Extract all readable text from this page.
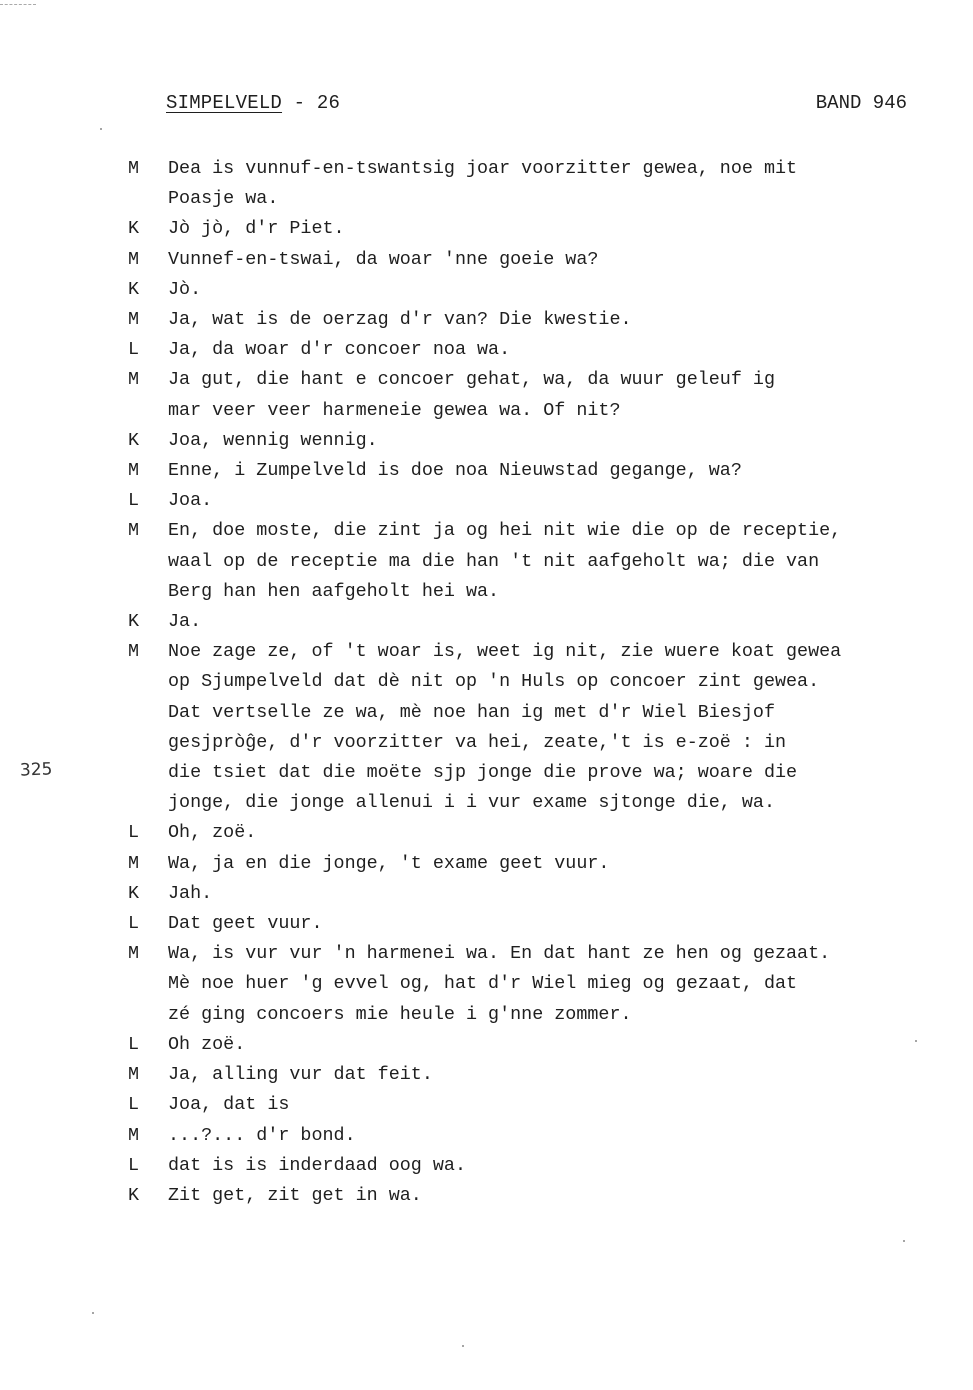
SIMPELVELD - 26	BAND 946
325
M	Dea is vunnuf-en-tswantsig joar voorzitter gewea, noe mit
Poasje wa.
K	Jò jò, d'r Piet.
M	Vunnef-en-tswai, da woar 'nne goeie wa?
K	Jò.
M	Ja, wat is de oerzag d'r van? Die kwestie.
L	Ja, da woar d'r concoer noa wa.
M	Ja gut, die hant e concoer gehat, wa, da wuur geleuf ig
mar veer veer harmeneie gewea wa. Of nit?
K	Joa, wennig wennig.
M	Enne, i Zumpelveld is doe noa Nieuwstad gegange, wa?
L	Joa.
M	En, doe moste, die zint ja og hei nit wie die op de receptie,
waal op de receptie ma die han 't nit aafgeholt wa; die van
Berg han hen aafgeholt hei wa.
K	Ja.
M	Noe zage ze, of 't woar is, weet ig nit, zie wuere koat gewea
op Sjumpelveld dat dè nit op 'n Huls op concoer zint gewea.
Dat vertselle ze wa, mè noe han ig met d'r Wiel Biesjof
gesjpròĝe, d'r voorzitter va hei, zeate,'t is e-zoë : in
die tsiet dat die moëte sjp jonge die prove wa; woare die
jonge, die jonge allenui i i vur exame sjtonge die, wa.
L	Oh, zoë.
M	Wa, ja en die jonge, 't exame geet vuur.
K	Jah.
L	Dat geet vuur.
M	Wa, is vur vur 'n harmenei wa. En dat hant ze hen og gezaat.
Mè noe huer 'g evvel og, hat d'r Wiel mieg og gezaat, dat
zé ging concoers mie heule i g'nne zommer.
L	Oh zoë.
M	Ja, alling vur dat feit.
L	Joa, dat is
M	...?... d'r bond.
L	dat is is inderdaad oog wa.
K	Zit get, zit get in wa.
